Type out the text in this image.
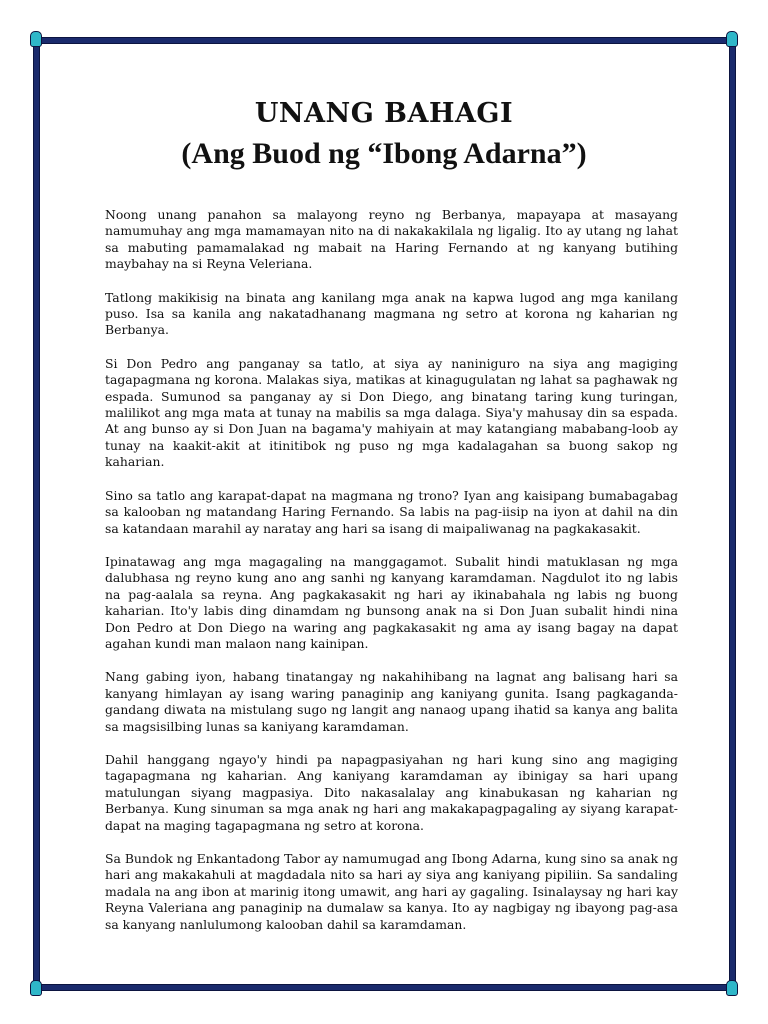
UNANG BAHAGI
(Ang Buod ng “Ibong Adarna”)

Noong unang panahon sa malayong reyno ng Berbanya, mapayapa at masayang namumuhay ang mga mamamayan nito na di nakakakilala ng ligalig. Ito ay utang ng lahat sa mabuting pamamalakad ng mabait na Haring Fernando at ng kanyang butihing maybahay na si Reyna Veleriana.

Tatlong makikisig na binata ang kanilang mga anak na kapwa lugod ang mga kanilang puso. Isa sa kanila ang nakatadhanang magmana ng setro at korona ng kaharian ng Berbanya.

Si Don Pedro ang panganay sa tatlo, at siya ay naniniguro na siya ang magiging tagapagmana ng korona. Malakas siya, matikas at kinagugulatan ng lahat sa paghawak ng espada. Sumunod sa panganay ay si Don Diego, ang binatang taring kung turingan, malilikot ang mga mata at tunay na mabilis sa mga dalaga. Siya'y mahusay din sa espada. At ang bunso ay si Don Juan na bagama'y mahiyain at may katangiang mababang-loob ay tunay na kaakit-akit at itinitibok ng puso ng mga kadalagahan sa buong sakop ng kaharian.

Sino sa tatlo ang karapat-dapat na magmana ng trono? Iyan ang kaisipang bumabagabag sa kalooban ng matandang Haring Fernando. Sa labis na pag-iisip na iyon at dahil na din sa katandaan marahil ay naratay ang hari sa isang di maipaliwanag na pagkakasakit.

Ipinatawag ang mga magagaling na manggagamot. Subalit hindi matuklasan ng mga dalubhasa ng reyno kung ano ang sanhi ng kanyang karamdaman. Nagdulot ito ng labis na pag-aalala sa reyna. Ang pagkakasakit ng hari ay ikinabahala ng labis ng buong kaharian. Ito'y labis ding dinamdam ng bunsong anak na si Don Juan subalit hindi nina Don Pedro at Don Diego na waring ang pagkakasakit ng ama ay isang bagay na dapat agahan kundi man malaon nang kainipan.

Nang gabing iyon, habang tinatangay ng nakahihibang na lagnat ang balisang hari sa kanyang himlayan ay isang waring panaginip ang kaniyang gunita. Isang pagkaganda-gandang diwata na mistulang sugo ng langit ang nanaog upang ihatid sa kanya ang balita sa magsisilbing lunas sa kaniyang karamdaman.

Dahil hanggang ngayo'y hindi pa napagpasiyahan ng hari kung sino ang magiging tagapagmana ng kaharian. Ang kaniyang karamdaman ay ibinigay sa hari upang matulungan siyang magpasiya. Dito nakasalalay ang kinabukasan ng kaharian ng Berbanya. Kung sinuman sa mga anak ng hari ang makakapagpagaling ay siyang karapat-dapat na maging tagapagmana ng setro at korona.

Sa Bundok ng Enkantadong Tabor ay namumugad ang Ibong Adarna, kung sino sa anak ng hari ang makakahuli at magdadala nito sa hari ay siya ang kaniyang pipiliin. Sa sandaling madala na ang ibon at marinig itong umawit, ang hari ay gagaling. Isinalaysay ng hari kay Reyna Valeriana ang panaginip na dumalaw sa kanya. Ito ay nagbigay ng ibayong pag-asa sa kanyang nanlulumong kalooban dahil sa karamdaman.
